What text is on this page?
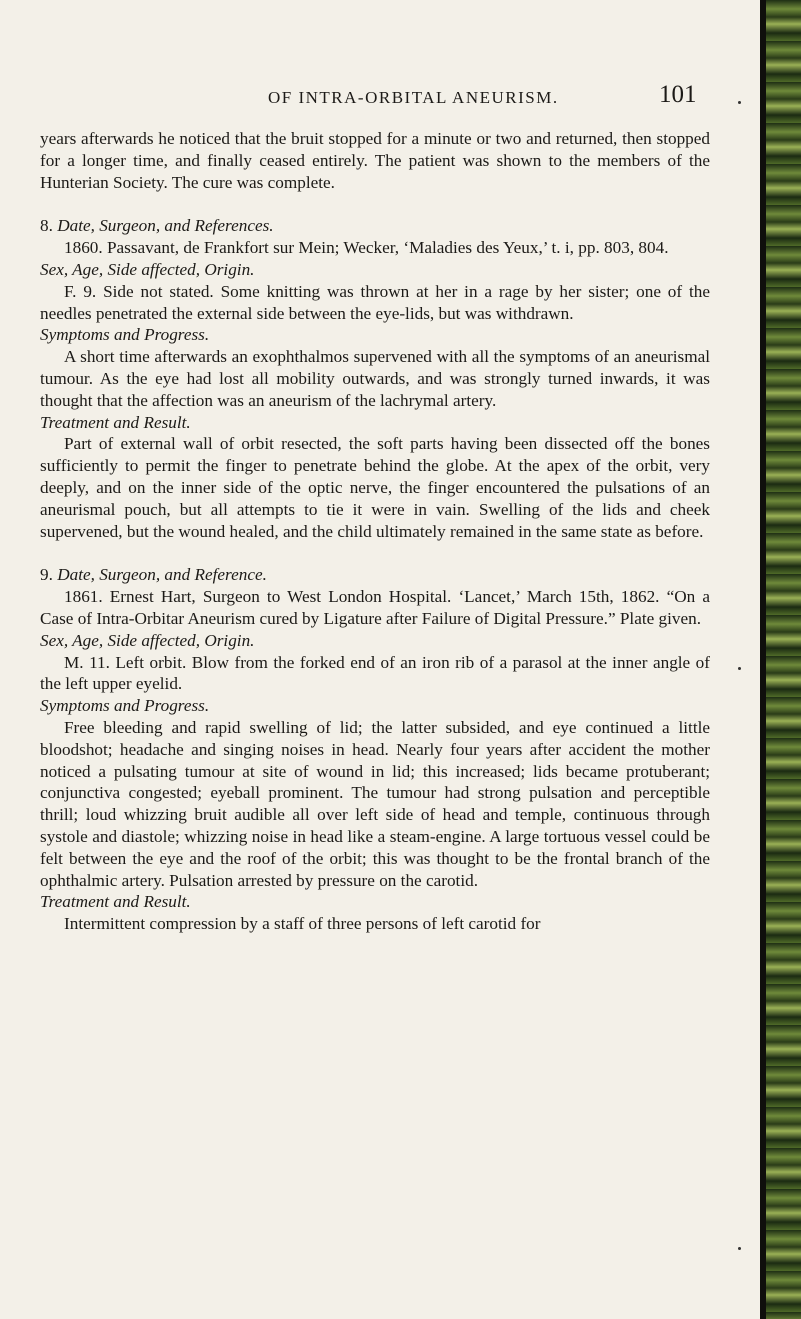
OF INTRA-ORBITAL ANEURISM.	101

years afterwards he noticed that the bruit stopped for a minute or two and returned, then stopped for a longer time, and finally ceased entirely. The patient was shown to the members of the Hunterian Society. The cure was complete.

8. Date, Surgeon, and References.

1860. Passavant, de Frankfort sur Mein; Wecker, ‘Maladies des Yeux,’ t. i, pp. 803, 804.

Sex, Age, Side affected, Origin.

F. 9. Side not stated. Some knitting was thrown at her in a rage by her sister; one of the needles penetrated the external side between the eye-lids, but was withdrawn.

Symptoms and Progress.

A short time afterwards an exophthalmos supervened with all the symptoms of an aneurismal tumour. As the eye had lost all mobility outwards, and was strongly turned inwards, it was thought that the affection was an aneurism of the lachrymal artery.

Treatment and Result.

Part of external wall of orbit resected, the soft parts having been dissected off the bones sufficiently to permit the finger to penetrate behind the globe. At the apex of the orbit, very deeply, and on the inner side of the optic nerve, the finger encountered the pulsations of an aneurismal pouch, but all attempts to tie it were in vain. Swelling of the lids and cheek supervened, but the wound healed, and the child ultimately remained in the same state as before.

9. Date, Surgeon, and Reference.

1861. Ernest Hart, Surgeon to West London Hospital. ‘Lancet,’ March 15th, 1862. “On a Case of Intra-Orbitar Aneurism cured by Ligature after Failure of Digital Pressure.” Plate given.

Sex, Age, Side affected, Origin.

M. 11. Left orbit. Blow from the forked end of an iron rib of a parasol at the inner angle of the left upper eyelid.

Symptoms and Progress.

Free bleeding and rapid swelling of lid; the latter subsided, and eye continued a little bloodshot; headache and singing noises in head. Nearly four years after accident the mother noticed a pulsating tumour at site of wound in lid; this increased; lids became protuberant; conjunctiva congested; eyeball prominent. The tumour had strong pulsation and perceptible thrill; loud whizzing bruit audible all over left side of head and temple, continuous through systole and diastole; whizzing noise in head like a steam-engine. A large tortuous vessel could be felt between the eye and the roof of the orbit; this was thought to be the frontal branch of the ophthalmic artery. Pulsation arrested by pressure on the carotid.

Treatment and Result.

Intermittent compression by a staff of three persons of left carotid for
